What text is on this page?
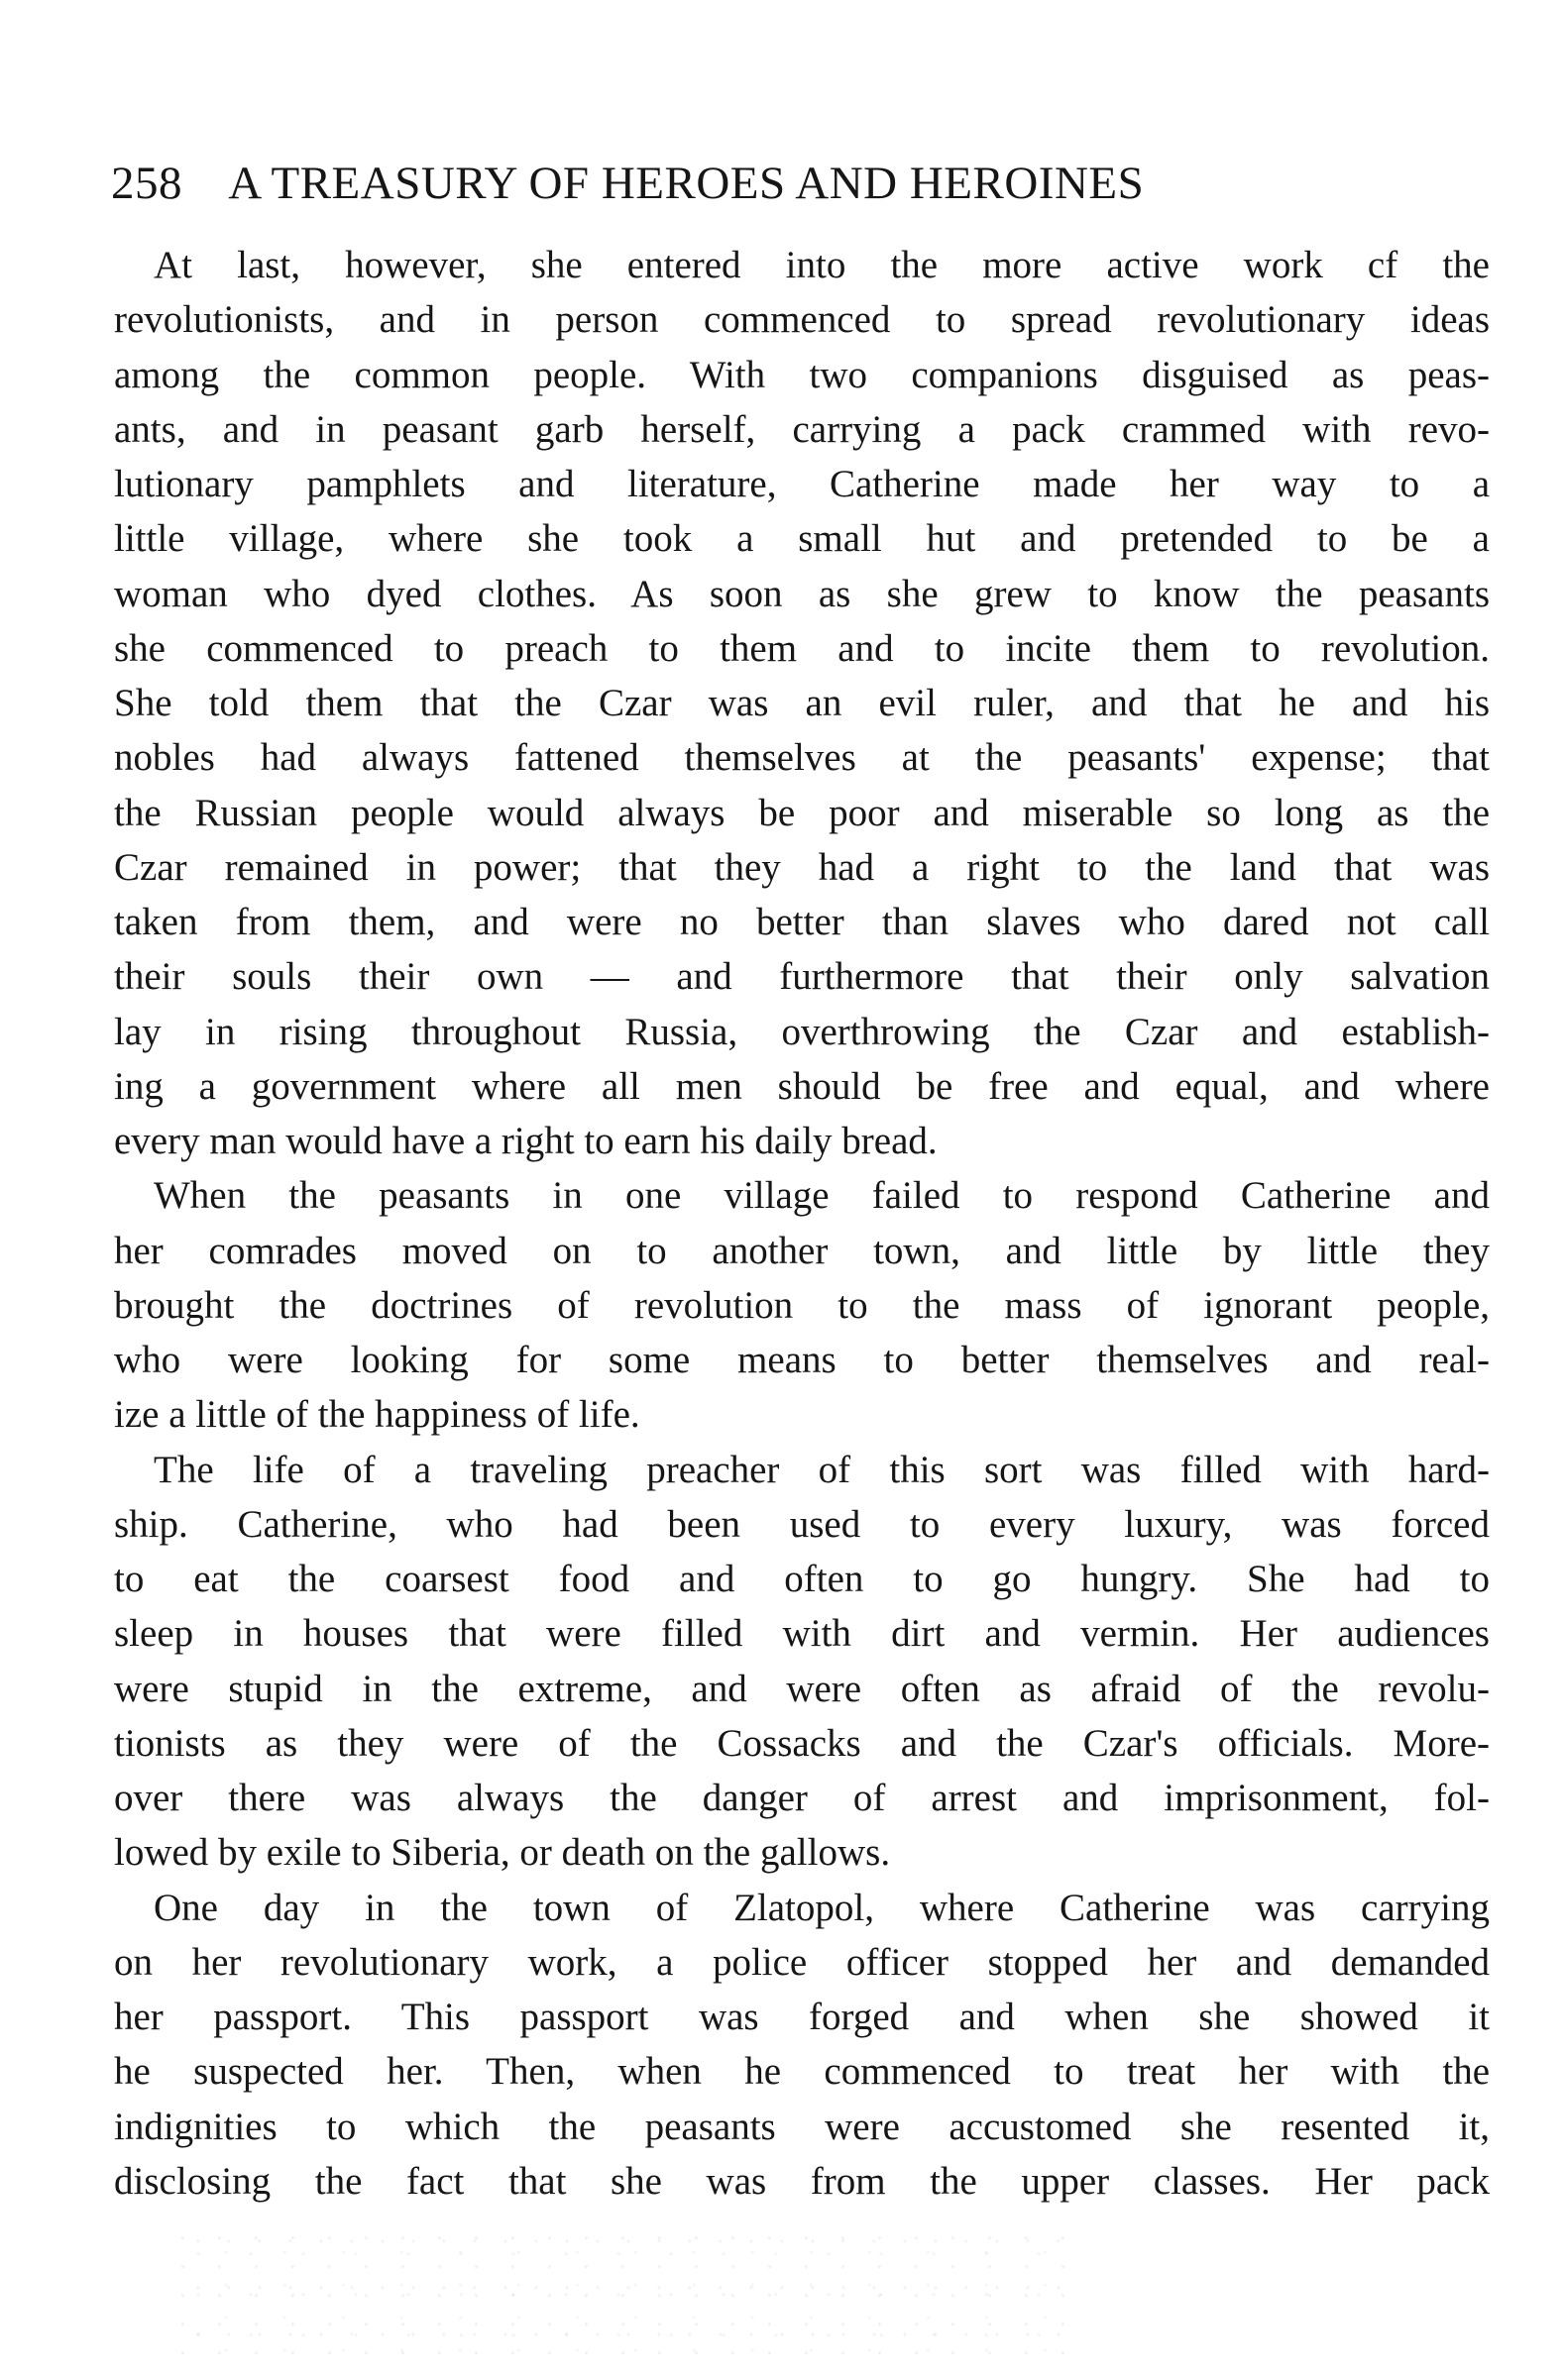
258 A TREASURY OF HEROES AND HEROINES
At last, however, she entered into the more active work cf the
revolutionists, and in person commenced to spread revolutionary ideas
among the common people. With two companions disguised as peas-
ants, and in peasant garb herself, carrying a pack crammed with revo-
lutionary pamphlets and literature, Catherine made her way to a
little village, where she took a small hut and pretended to be a
woman who dyed clothes. As soon as she grew to know the peasants
she commenced to preach to them and to incite them to revolution.
She told them that the Czar was an evil ruler, and that he and his
nobles had always fattened themselves at the peasants' expense; that
the Russian people would always be poor and miserable so long as the
Czar remained in power; that they had a right to the land that was
taken from them, and were no better than slaves who dared not call
their souls their own — and furthermore that their only salvation
lay in rising throughout Russia, overthrowing the Czar and establish-
ing a government where all men should be free and equal, and where
every man would have a right to earn his daily bread.
When the peasants in one village failed to respond Catherine and
her comrades moved on to another town, and little by little they
brought the doctrines of revolution to the mass of ignorant people,
who were looking for some means to better themselves and real-
ize a little of the happiness of life.
The life of a traveling preacher of this sort was filled with hard-
ship. Catherine, who had been used to every luxury, was forced
to eat the coarsest food and often to go hungry. She had to
sleep in houses that were filled with dirt and vermin. Her audiences
were stupid in the extreme, and were often as afraid of the revolu-
tionists as they were of the Cossacks and the Czar's officials. More-
over there was always the danger of arrest and imprisonment, fol-
lowed by exile to Siberia, or death on the gallows.
One day in the town of Zlatopol, where Catherine was carrying
on her revolutionary work, a police officer stopped her and demanded
her passport. This passport was forged and when she showed it
he suspected her. Then, when he commenced to treat her with the
indignities to which the peasants were accustomed she resented it,
disclosing the fact that she was from the upper classes. Her pack
